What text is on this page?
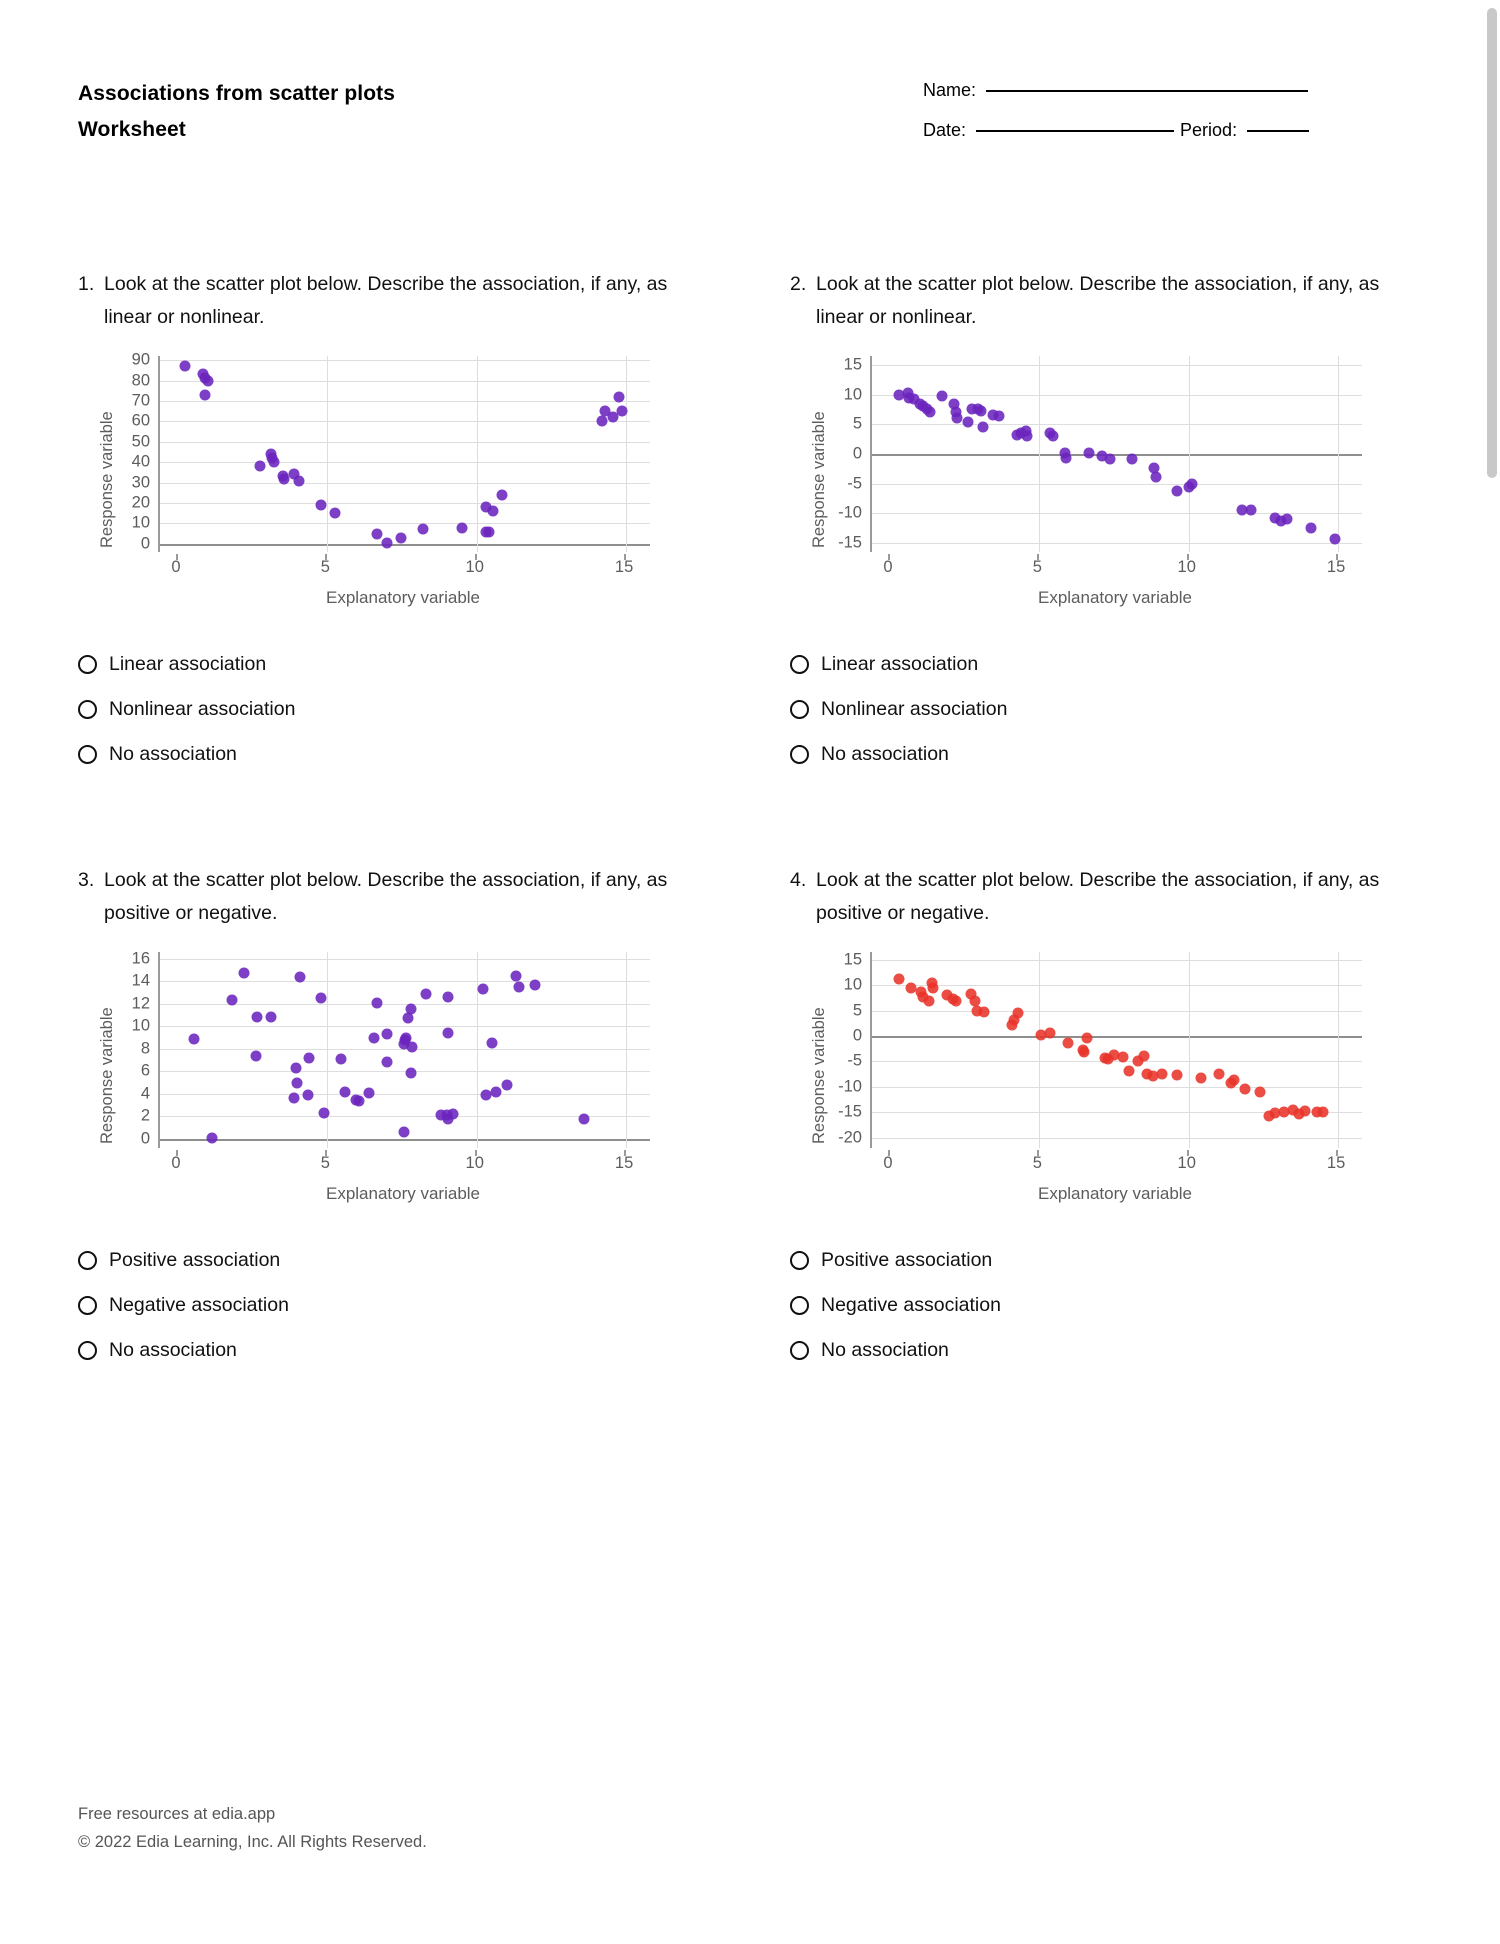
Associations from scatter plots
Worksheet
Name:
Date:	Period:
1. Look at the scatter plot below. Describe the association, if any, as linear or nonlinear.
Response variable 0
10
20
30
40
50
60
70
80
90
0	5	10	15
Explanatory variable
Linear association
Nonlinear association
No association
2. Look at the scatter plot below. Describe the association, if any, as linear or nonlinear.
Response variable -15
-10
-5
0
5
10
15
0	5	10	15
Explanatory variable
Linear association
Nonlinear association
No association
3. Look at the scatter plot below. Describe the association, if any, as positive or negative.
Response variable 0
2
4
6
8
10
12
14
16
0	5	10	15
Explanatory variable
Positive association
Negative association
No association
4. Look at the scatter plot below. Describe the association, if any, as positive or negative.
Response variable -20
-15
-10
-5
0
5
10
15
0	5	10	15
Explanatory variable
Positive association
Negative association
No association
Free resources at edia.app
© 2022 Edia Learning, Inc. All Rights Reserved.
